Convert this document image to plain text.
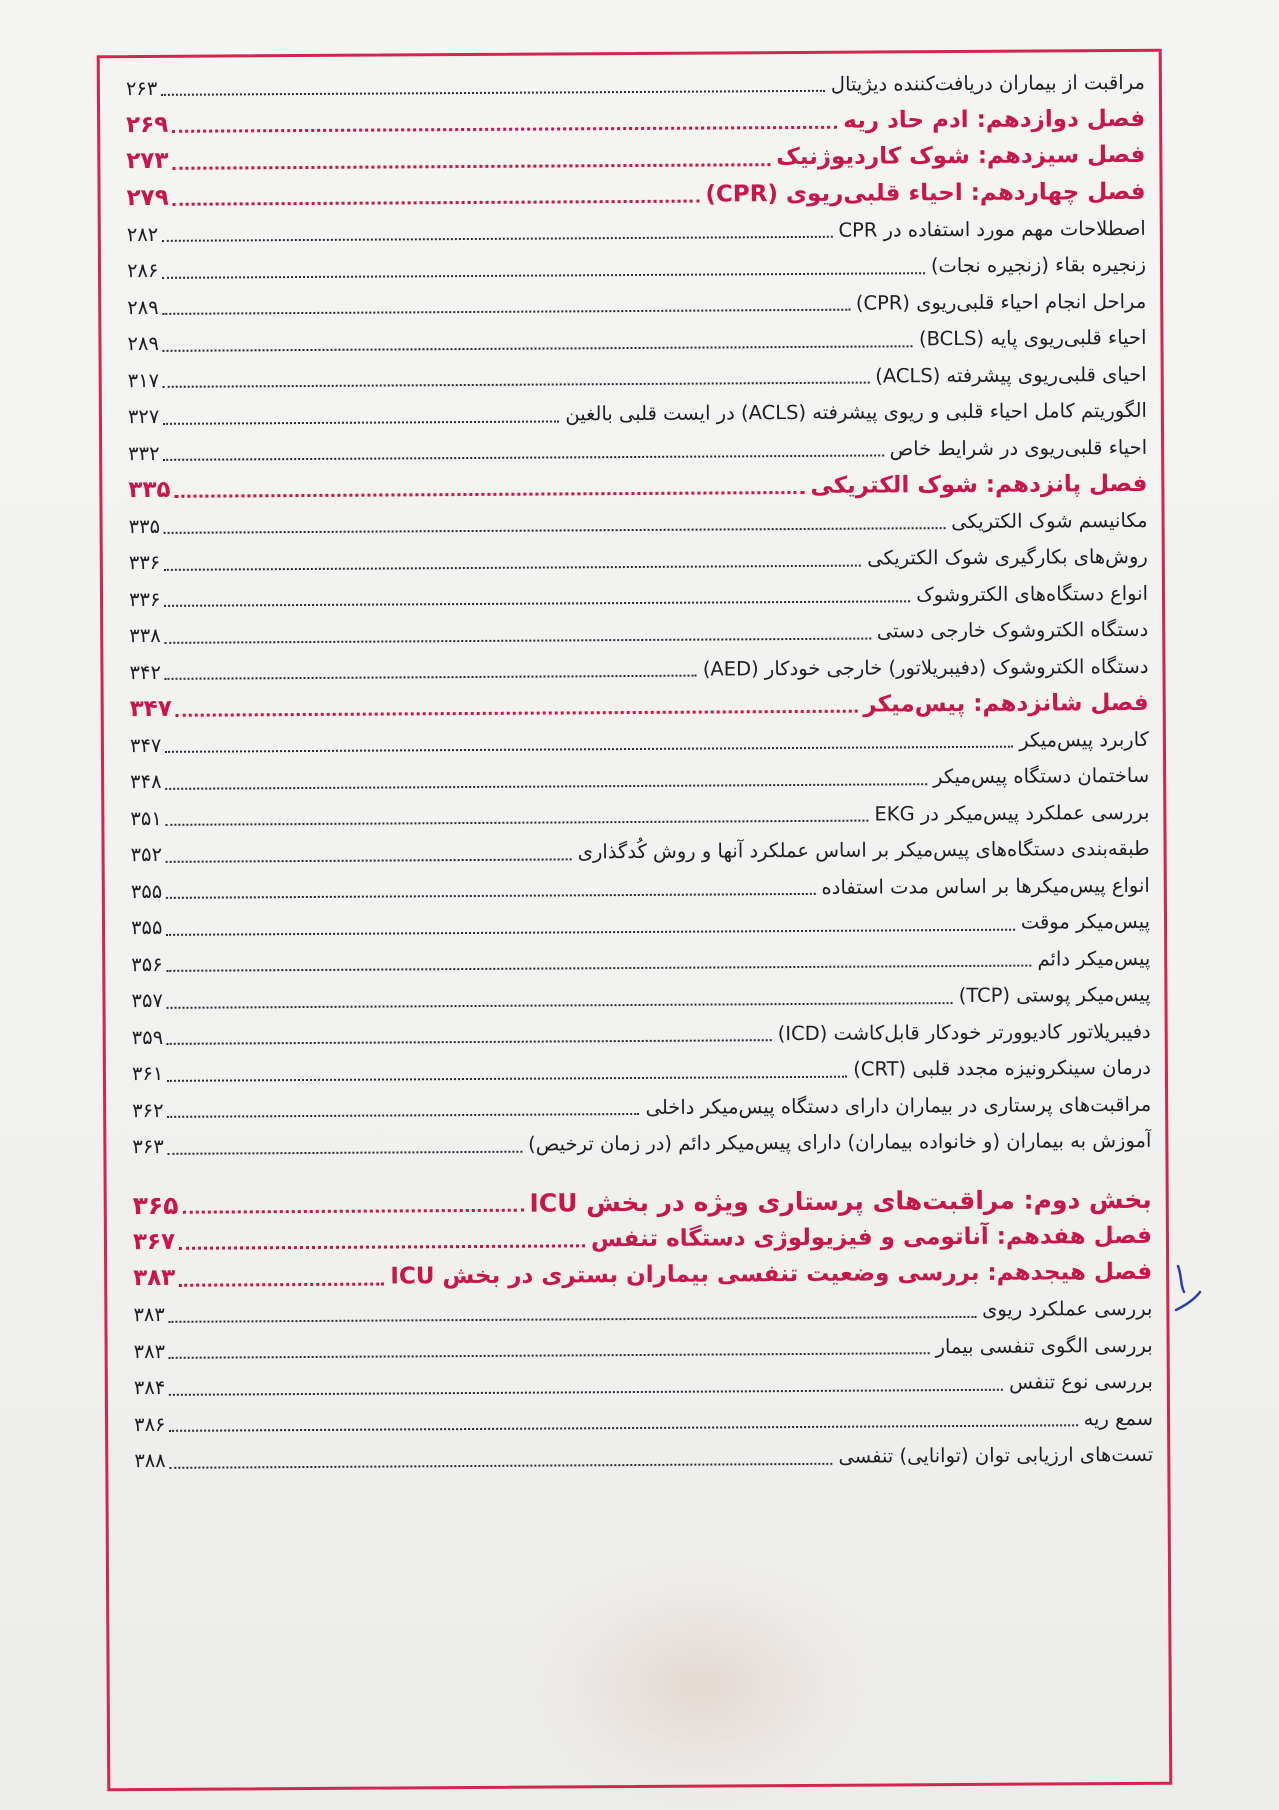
مراقبت از بیماران دریافت‌کننده دیژیتال
۲۶۳
فصل دوازدهم: ادم حاد ریه
۲۶۹
فصل سیزدهم: شوک کاردیوژنیک
۲۷۳
فصل چهاردهم: احیاء قلبی‌ریوی (CPR)
۲۷۹
اصطلاحات مهم مورد استفاده در CPR
۲۸۲
زنجیره بقاء (زنجیره نجات)
۲۸۶
مراحل انجام احیاء قلبی‌ریوی (CPR)
۲۸۹
احیاء قلبی‌ریوی پایه (BCLS)
۲۸۹
احیای قلبی‌ریوی پیشرفته (ACLS)
۳۱۷
الگوریتم کامل احیاء قلبی و ریوی پیشرفته (ACLS) در ایست قلبی بالغین
۳۲۷
احیاء قلبی‌ریوی در شرایط خاص
۳۳۲
فصل پانزدهم: شوک الکتریکی
۳۳۵
مکانیسم شوک الکتریکی
۳۳۵
روش‌های بکارگیری شوک الکتریکی
۳۳۶
انواع دستگاه‌های الکتروشوک
۳۳۶
دستگاه الکتروشوک خارجی دستی
۳۳۸
دستگاه الکتروشوک (دفیبریلاتور) خارجی خودکار (AED)
۳۴۲
فصل شانزدهم: پیس‌میکر
۳۴۷
کاربرد پیس‌میکر
۳۴۷
ساختمان دستگاه پیس‌میکر
۳۴۸
بررسی عملکرد پیس‌میکر در EKG
۳۵۱
طبقه‌بندی دستگاه‌های پیس‌میکر بر اساس عملکرد آنها و روش کُدگذاری
۳۵۲
انواع پیس‌میکرها بر اساس مدت استفاده
۳۵۵
پیس‌میکر موقت
۳۵۵
پیس‌میکر دائم
۳۵۶
پیس‌میکر پوستی (TCP)
۳۵۷
دفیبریلاتور کادیوورتر خودکار قابل‌کاشت (ICD)
۳۵۹
درمان سینکرونیزه مجدد قلبی (CRT)
۳۶۱
مراقبت‌های پرستاری در بیماران دارای دستگاه پیس‌میکر داخلی
۳۶۲
آموزش به بیماران (و خانواده بیماران) دارای پیس‌میکر دائم (در زمان ترخیص)
۳۶۳
بخش دوم: مراقبت‌های پرستاری ویژه در بخش ICU
۳۶۵
فصل هفدهم: آناتومی و فیزیولوژی دستگاه تنفس
۳۶۷
فصل هیجدهم: بررسی وضعیت تنفسی بیماران بستری در بخش ICU
۳۸۳
بررسی عملکرد ریوی
۳۸۳
بررسی الگوی تنفسی بیمار
۳۸۳
بررسی نوع تنفس
۳۸۴
سمع ریه
۳۸۶
تست‌های ارزیابی توان (توانایی) تنفسی
۳۸۸
